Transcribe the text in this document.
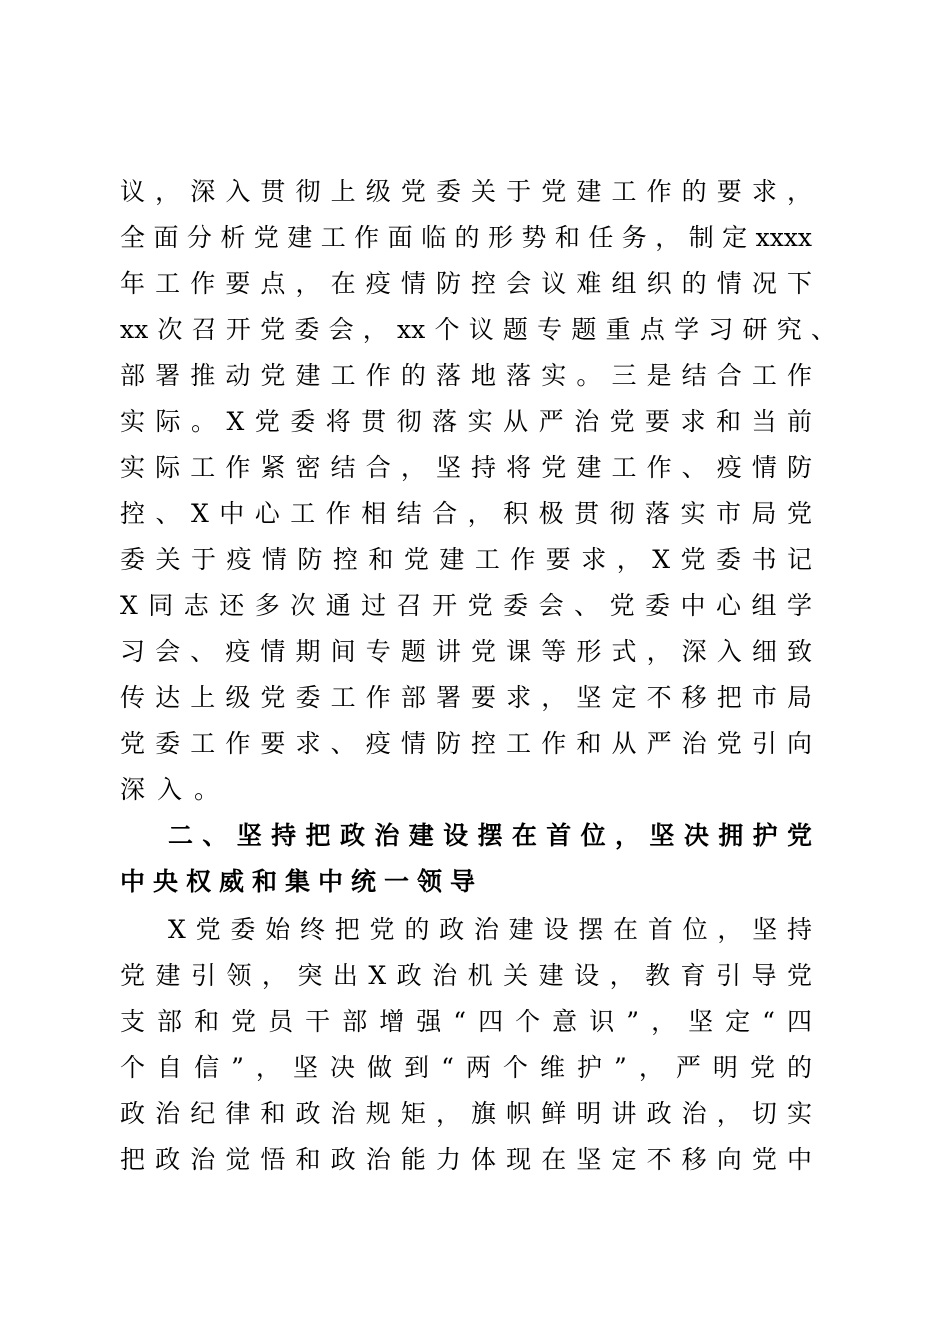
议，深入贯彻上级党委关于党建工作的要求，
全面分析党建工作面临的形势和任务，制定xxxx
年工作要点，在疫情防控会议难组织的情况下
xx次召开党委会，xx个议题专题重点学习研究、
部署推动党建工作的落地落实。三是结合工作
实际。X党委将贯彻落实从严治党要求和当前
实际工作紧密结合，坚持将党建工作、疫情防
控、X中心工作相结合，积极贯彻落实市局党
委关于疫情防控和党建工作要求，X党委书记
X同志还多次通过召开党委会、党委中心组学
习会、疫情期间专题讲党课等形式，深入细致
传达上级党委工作部署要求，坚定不移把市局
党委工作要求、疫情防控工作和从严治党引向
深入。
二、坚持把政治建设摆在首位，坚决拥护党
中央权威和集中统一领导
X党委始终把党的政治建设摆在首位，坚持
党建引领，突出X政治机关建设，教育引导党
支部和党员干部增强“四个意识”，坚定“四
个自信”，坚决做到“两个维护”，严明党的
政治纪律和政治规矩，旗帜鲜明讲政治，切实
把政治觉悟和政治能力体现在坚定不移向党中
